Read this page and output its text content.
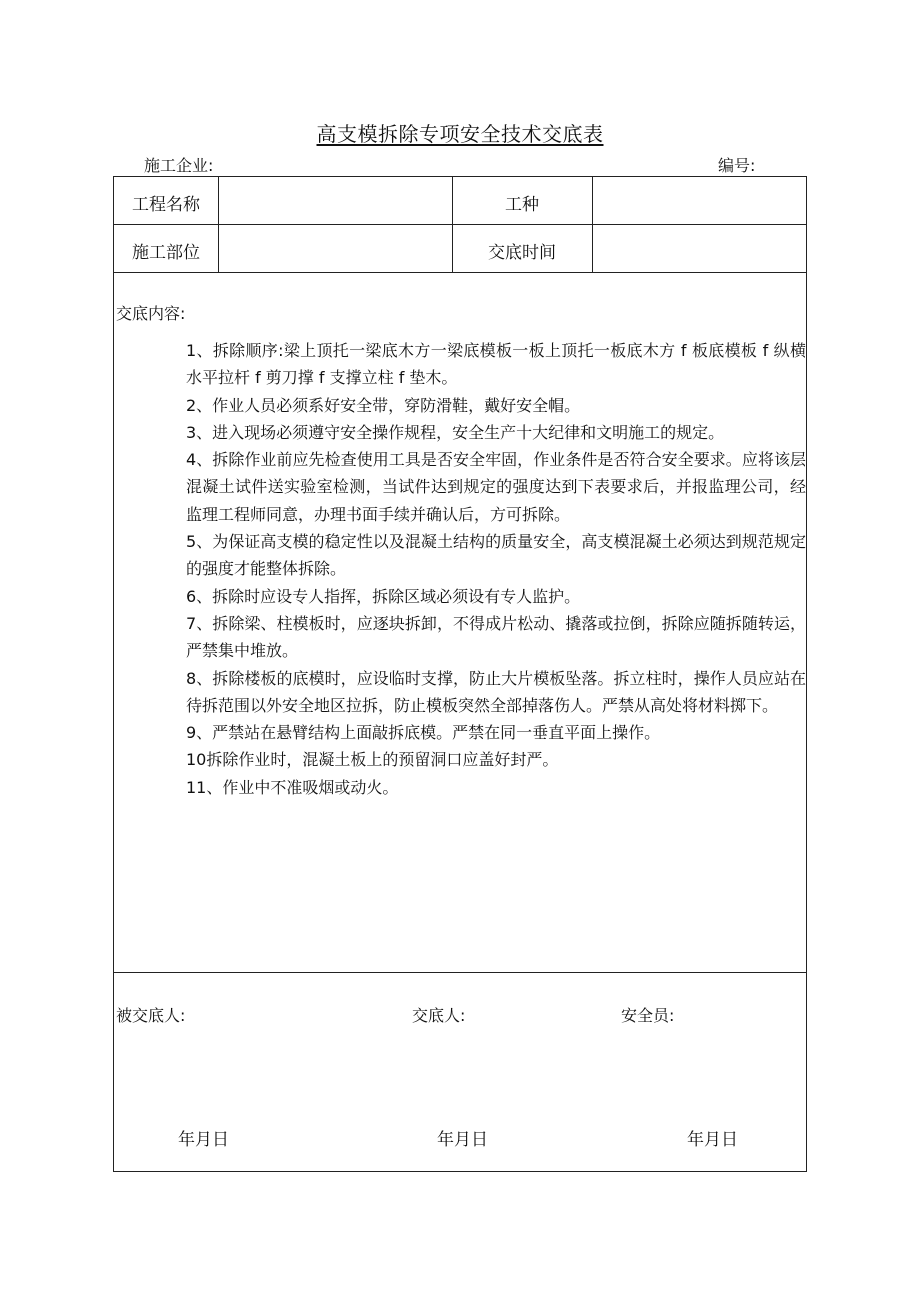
高支模拆除专项安全技术交底表
施工企业:	编号:
工程名称	工种
施工部位	交底时间
交底内容:

1、拆除顺序:梁上顶托一梁底木方一梁底模板一板上顶托一板底木方 f 板底模板 f 纵横水平拉杆 f 剪刀撑 f 支撑立柱 f 垫木。

2、作业人员必须系好安全带，穿防滑鞋，戴好安全帽。

3、进入现场必须遵守安全操作规程，安全生产十大纪律和文明施工的规定。

4、拆除作业前应先检查使用工具是否安全牢固，作业条件是否符合安全要求。应将该层混凝土试件送实验室检测，当试件达到规定的强度达到下表要求后，并报监理公司，经监理工程师同意，办理书面手续并确认后，方可拆除。

5、为保证高支模的稳定性以及混凝土结构的质量安全，高支模混凝土必须达到规范规定的强度才能整体拆除。

6、拆除时应设专人指挥，拆除区域必须设有专人监护。

7、拆除梁、柱模板时，应逐块拆卸，不得成片松动、撬落或拉倒，拆除应随拆随转运，严禁集中堆放。

8、拆除楼板的底模时，应设临时支撑，防止大片模板坠落。拆立柱时，操作人员应站在待拆范围以外安全地区拉拆，防止模板突然全部掉落伤人。严禁从高处将材料掷下。

9、严禁站在悬臂结构上面敲拆底模。严禁在同一垂直平面上操作。

10拆除作业时，混凝土板上的预留洞口应盖好封严。

11、作业中不准吸烟或动火。

被交底人:	交底人:	安全员:
年月日	年月日	年月日
